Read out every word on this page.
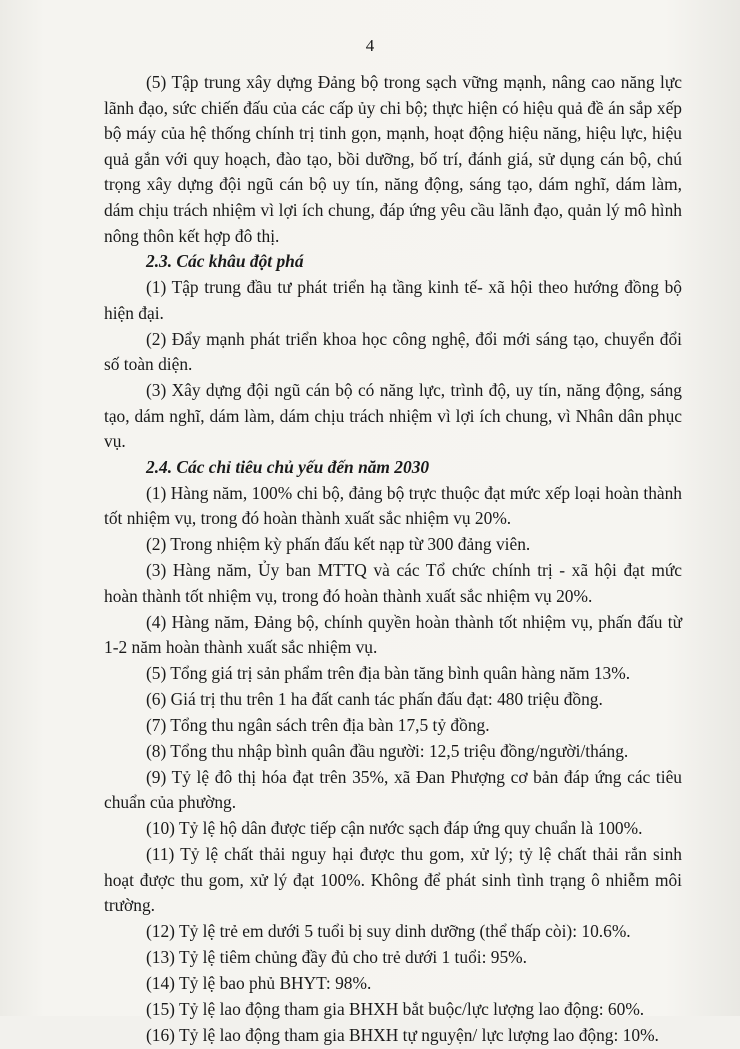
4

(5) Tập trung xây dựng Đảng bộ trong sạch vững mạnh, nâng cao năng lực lãnh đạo, sức chiến đấu của các cấp ủy chi bộ; thực hiện có hiệu quả đề án sắp xếp bộ máy của hệ thống chính trị tinh gọn, mạnh, hoạt động hiệu năng, hiệu lực, hiệu quả gắn với quy hoạch, đào tạo, bồi dưỡng, bố trí, đánh giá, sử dụng cán bộ, chú trọng xây dựng đội ngũ cán bộ uy tín, năng động, sáng tạo, dám nghĩ, dám làm, dám chịu trách nhiệm vì lợi ích chung, đáp ứng yêu cầu lãnh đạo, quản lý mô hình nông thôn kết hợp đô thị.

2.3. Các khâu đột phá

(1) Tập trung đầu tư phát triển hạ tầng kinh tế- xã hội theo hướng đồng bộ hiện đại.

(2) Đẩy mạnh phát triển khoa học công nghệ, đổi mới sáng tạo, chuyển đổi số toàn diện.

(3) Xây dựng đội ngũ cán bộ có năng lực, trình độ, uy tín, năng động, sáng tạo, dám nghĩ, dám làm, dám chịu trách nhiệm vì lợi ích chung, vì Nhân dân phục vụ.

2.4. Các chỉ tiêu chủ yếu đến năm 2030

(1) Hàng năm, 100% chi bộ, đảng bộ trực thuộc đạt mức xếp loại hoàn thành tốt nhiệm vụ, trong đó hoàn thành xuất sắc nhiệm vụ 20%.

(2) Trong nhiệm kỳ phấn đấu kết nạp từ 300 đảng viên.

(3) Hàng năm, Ủy ban MTTQ và các Tổ chức chính trị - xã hội đạt mức hoàn thành tốt nhiệm vụ, trong đó hoàn thành xuất sắc nhiệm vụ 20%.

(4) Hàng năm, Đảng bộ, chính quyền hoàn thành tốt nhiệm vụ, phấn đấu từ 1-2 năm hoàn thành xuất sắc nhiệm vụ.

(5) Tổng giá trị sản phẩm trên địa bàn tăng bình quân hàng năm 13%.

(6) Giá trị thu trên 1 ha đất canh tác phấn đấu đạt: 480 triệu đồng.

(7) Tổng thu ngân sách trên địa bàn 17,5 tỷ đồng.

(8) Tổng thu nhập bình quân đầu người: 12,5 triệu đồng/người/tháng.

(9) Tỷ lệ đô thị hóa đạt trên 35%, xã Đan Phượng cơ bản đáp ứng các tiêu chuẩn của phường.

(10) Tỷ lệ hộ dân được tiếp cận nước sạch đáp ứng quy chuẩn là 100%.

(11) Tỷ lệ chất thải nguy hại được thu gom, xử lý; tỷ lệ chất thải rắn sinh hoạt được thu gom, xử lý đạt 100%. Không để phát sinh tình trạng ô nhiễm môi trường.

(12) Tỷ lệ trẻ em dưới 5 tuổi bị suy dinh dưỡng (thể thấp còi): 10.6%.

(13) Tỷ lệ tiêm chủng đầy đủ cho trẻ dưới 1 tuổi: 95%.

(14) Tỷ lệ bao phủ BHYT: 98%.

(15) Tỷ lệ lao động tham gia BHXH bắt buộc/lực lượng lao động: 60%.

(16) Tỷ lệ lao động tham gia BHXH tự nguyện/ lực lượng lao động: 10%.
